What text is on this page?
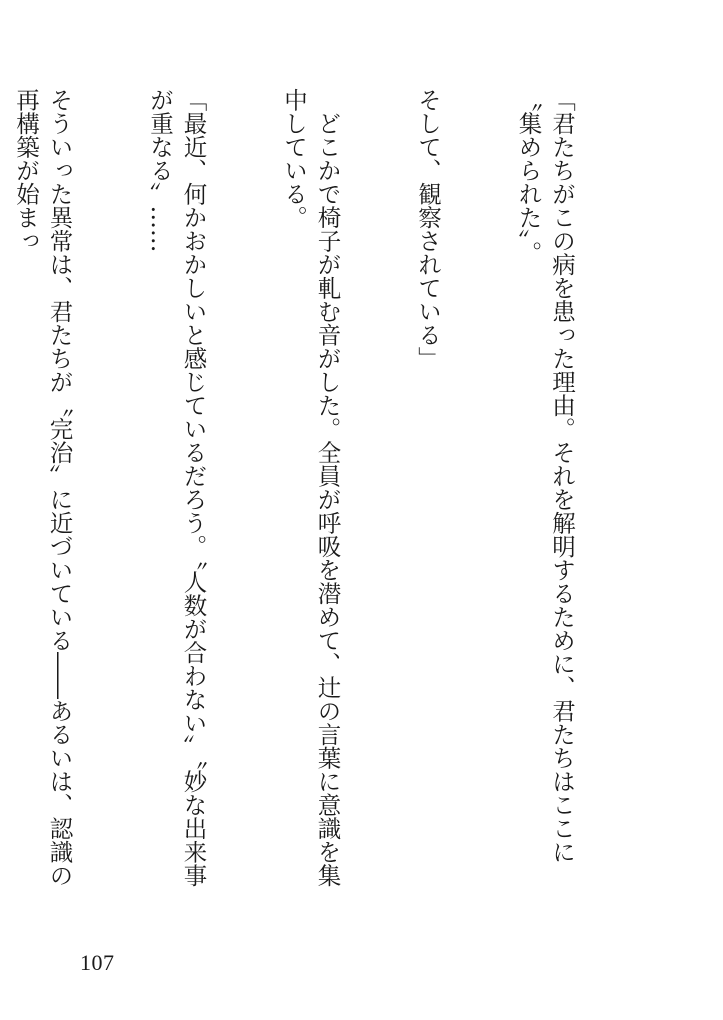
「君たちがこの病を患った理由。それを解明するために、君たちはここに〝集められた〟。

そして、観察されている」

　どこかで椅子が軋む音がした。全員が呼吸を潜めて、辻の言葉に意識を集中している。

「最近、何かおかしいと感じているだろう。〝人数が合わない〟〝妙な出来事が重なる〟……

そういった異常は、君たちが〝完治〟に近づいている――あるいは、認識の再構築が始まっ

107
